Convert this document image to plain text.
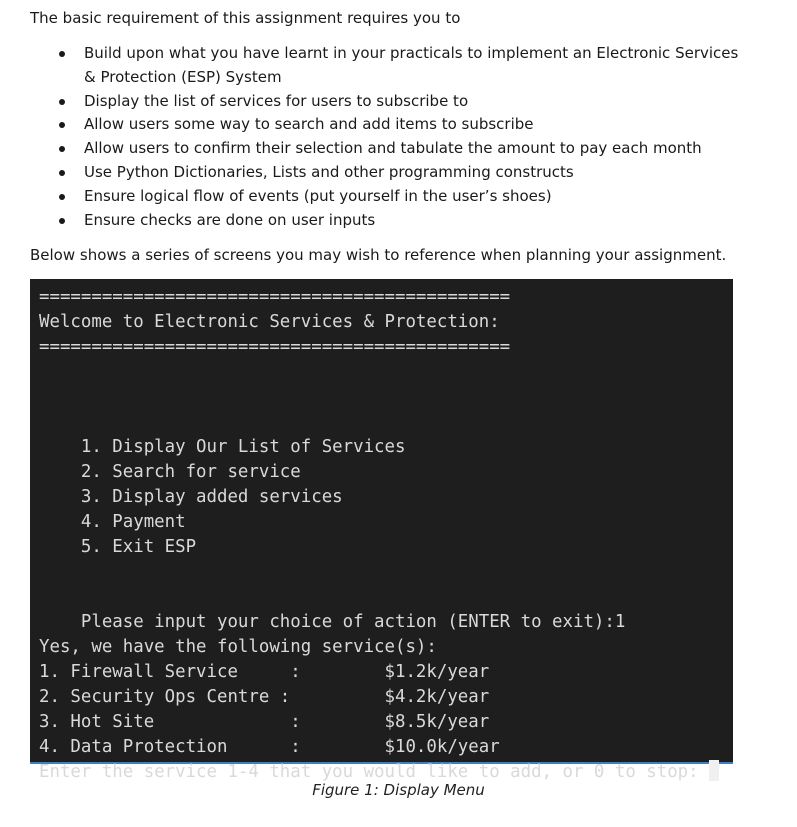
The basic requirement of this assignment requires you to

Build upon what you have learnt in your practicals to implement an Electronic Services & Protection (ESP) System
Display the list of services for users to subscribe to
Allow users some way to search and add items to subscribe
Allow users to confirm their selection and tabulate the amount to pay each month
Use Python Dictionaries, Lists and other programming constructs
Ensure logical flow of events (put yourself in the user’s shoes)
Ensure checks are done on user inputs

Below shows a series of screens you may wish to reference when planning your assignment.

=============================================
Welcome to Electronic Services & Protection:
=============================================

1. Display Our List of Services
2. Search for service
3. Display added services
4. Payment
5. Exit ESP

Please input your choice of action (ENTER to exit):1
Yes, we have the following service(s):
1. Firewall Service     :        $1.2k/year
2. Security Ops Centre :         $4.2k/year
3. Hot Site             :        $8.5k/year
4. Data Protection      :        $10.0k/year
Enter the service 1-4 that you would like to add, or 0 to stop:

Figure 1: Display Menu
